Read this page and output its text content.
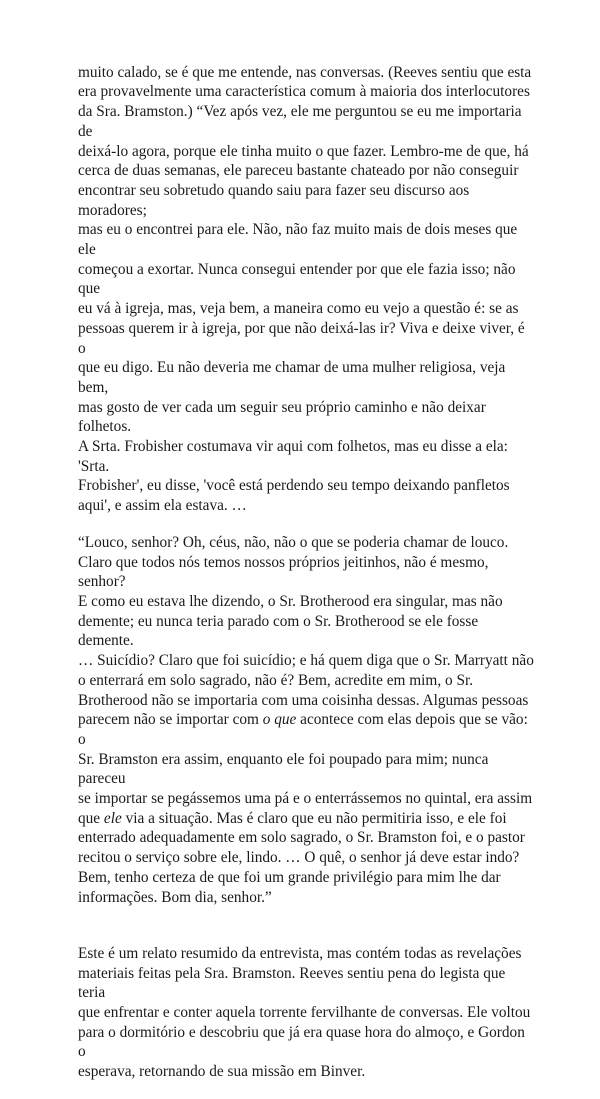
muito calado, se é que me entende, nas conversas. (Reeves sentiu que esta
era provavelmente uma característica comum à maioria dos interlocutores
da Sra. Bramston.) “Vez após vez, ele me perguntou se eu me importaria de
deixá-lo agora, porque ele tinha muito o que fazer. Lembro-me de que, há
cerca de duas semanas, ele pareceu bastante chateado por não conseguir
encontrar seu sobretudo quando saiu para fazer seu discurso aos moradores;
mas eu o encontrei para ele. Não, não faz muito mais de dois meses que ele
começou a exortar. Nunca consegui entender por que ele fazia isso; não que
eu vá à igreja, mas, veja bem, a maneira como eu vejo a questão é: se as
pessoas querem ir à igreja, por que não deixá-las ir? Viva e deixe viver, é o
que eu digo. Eu não deveria me chamar de uma mulher religiosa, veja bem,
mas gosto de ver cada um seguir seu próprio caminho e não deixar folhetos.
A Srta. Frobisher costumava vir aqui com folhetos, mas eu disse a ela: 'Srta.
Frobisher', eu disse, 'você está perdendo seu tempo deixando panfletos
aqui', e assim ela estava. …

“Louco, senhor? Oh, céus, não, não o que se poderia chamar de louco.
Claro que todos nós temos nossos próprios jeitinhos, não é mesmo, senhor?
E como eu estava lhe dizendo, o Sr. Brotherood era singular, mas não
demente; eu nunca teria parado com o Sr. Brotherood se ele fosse demente.
… Suicídio? Claro que foi suicídio; e há quem diga que o Sr. Marryatt não
o enterrará em solo sagrado, não é? Bem, acredite em mim, o Sr.
Brotherood não se importaria com uma coisinha dessas. Algumas pessoas
parecem não se importar com o que acontece com elas depois que se vão: o
Sr. Bramston era assim, enquanto ele foi poupado para mim; nunca pareceu
se importar se pegássemos uma pá e o enterrássemos no quintal, era assim
que ele via a situação. Mas é claro que eu não permitiria isso, e ele foi
enterrado adequadamente em solo sagrado, o Sr. Bramston foi, e o pastor
recitou o serviço sobre ele, lindo. … O quê, o senhor já deve estar indo?
Bem, tenho certeza de que foi um grande privilégio para mim lhe dar
informações. Bom dia, senhor.”

Este é um relato resumido da entrevista, mas contém todas as revelações
materiais feitas pela Sra. Bramston. Reeves sentiu pena do legista que teria
que enfrentar e conter aquela torrente fervilhante de conversas. Ele voltou
para o dormitório e descobriu que já era quase hora do almoço, e Gordon o
esperava, retornando de sua missão em Binver.
